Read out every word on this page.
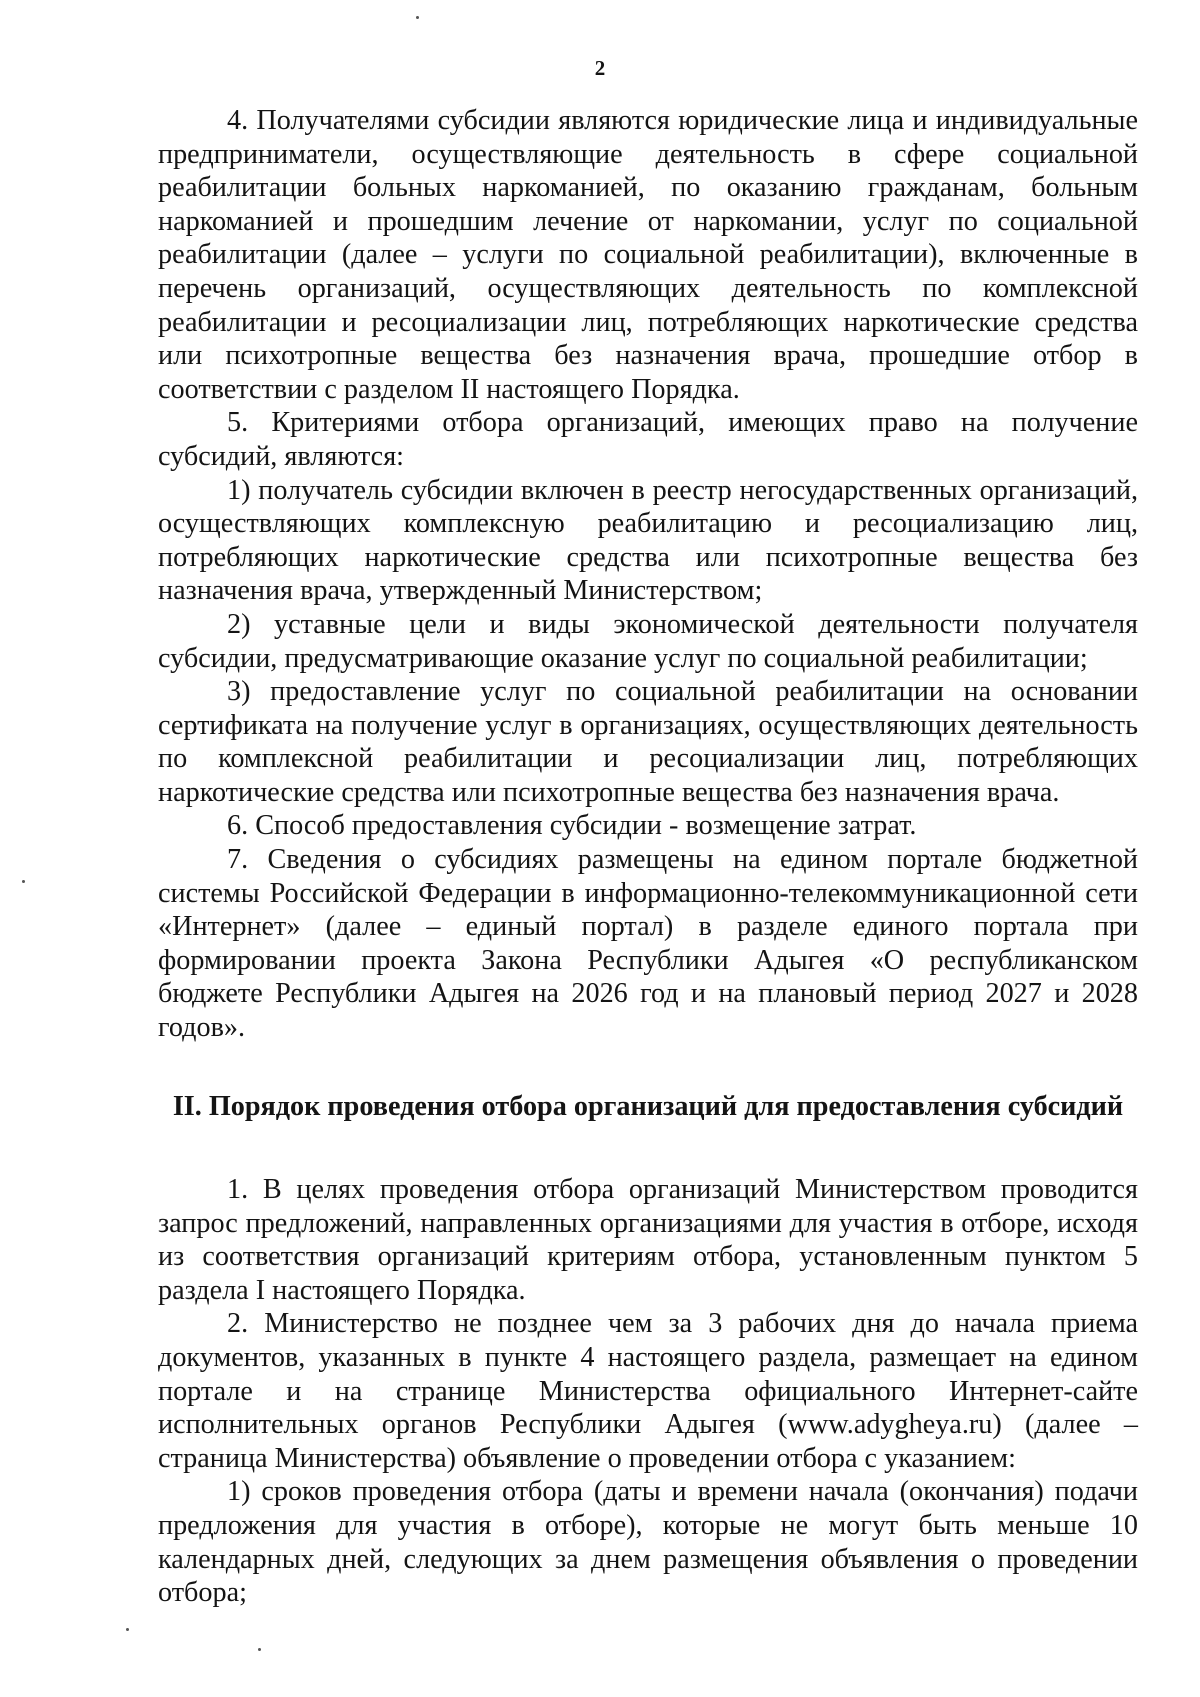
2

4. Получателями субсидии являются юридические лица и индивидуальные предприниматели, осуществляющие деятельность в сфере социальной реабилитации больных наркоманией, по оказанию гражданам, больным наркоманией и прошедшим лечение от наркомании, услуг по социальной реабилитации (далее – услуги по социальной реабилитации), включенные в перечень организаций, осуществляющих деятельность по комплексной реабилитации и ресоциализации лиц, потребляющих наркотические средства или психотропные вещества без назначения врача, прошедшие отбор в соответствии с разделом II настоящего Порядка.

5. Критериями отбора организаций, имеющих право на получение субсидий, являются:

1) получатель субсидии включен в реестр негосударственных организаций, осуществляющих комплексную реабилитацию и ресоциализацию лиц, потребляющих наркотические средства или психотропные вещества без назначения врача, утвержденный Министерством;

2) уставные цели и виды экономической деятельности получателя субсидии, предусматривающие оказание услуг по социальной реабилитации;

3) предоставление услуг по социальной реабилитации на основании сертификата на получение услуг в организациях, осуществляющих деятельность по комплексной реабилитации и ресоциализации лиц, потребляющих наркотические средства или психотропные вещества без назначения врача.

6. Способ предоставления субсидии - возмещение затрат.

7. Сведения о субсидиях размещены на едином портале бюджетной системы Российской Федерации в информационно-телекоммуникационной сети «Интернет» (далее – единый портал) в разделе единого портала при формировании проекта Закона Республики Адыгея «О республиканском бюджете Республики Адыгея на 2026 год и на плановый период 2027 и 2028 годов».

II. Порядок проведения отбора организаций для предоставления субсидий

1. В целях проведения отбора организаций Министерством проводится запрос предложений, направленных организациями для участия в отборе, исходя из соответствия организаций критериям отбора, установленным пунктом 5 раздела I настоящего Порядка.

2. Министерство не позднее чем за 3 рабочих дня до начала приема документов, указанных в пункте 4 настоящего раздела, размещает на едином портале и на странице Министерства официального Интернет-сайте исполнительных органов Республики Адыгея (www.adygheya.ru) (далее – страница Министерства) объявление о проведении отбора с указанием:

1) сроков проведения отбора (даты и времени начала (окончания) подачи предложения для участия в отборе), которые не могут быть меньше 10 календарных дней, следующих за днем размещения объявления о проведении отбора;
